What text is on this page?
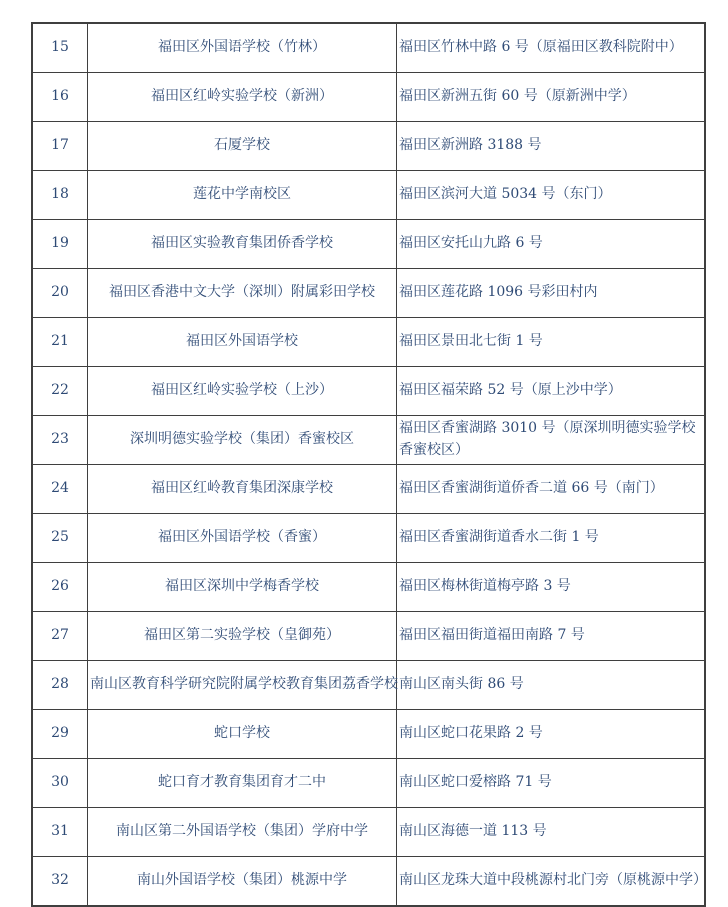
15	福田区外国语学校（竹林）	福田区竹林中路 6 号（原福田区教科院附中）
16	福田区红岭实验学校（新洲）	福田区新洲五街 60 号（原新洲中学）
17	石厦学校	福田区新洲路 3188 号
18	莲花中学南校区	福田区滨河大道 5034 号（东门）
19	福田区实验教育集团侨香学校	福田区安托山九路 6 号
20	福田区香港中文大学（深圳）附属彩田学校	福田区莲花路 1096 号彩田村内
21	福田区外国语学校	福田区景田北七街 1 号
22	福田区红岭实验学校（上沙）	福田区福荣路 52 号（原上沙中学）
23	深圳明德实验学校（集团）香蜜校区	福田区香蜜湖路 3010 号（原深圳明德实验学校香蜜校区）
24	福田区红岭教育集团深康学校	福田区香蜜湖街道侨香二道 66 号（南门）
25	福田区外国语学校（香蜜）	福田区香蜜湖街道香水二街 1 号
26	福田区深圳中学梅香学校	福田区梅林街道梅亭路 3 号
27	福田区第二实验学校（皇御苑）	福田区福田街道福田南路 7 号
28	南山区教育科学研究院附属学校教育集团荔香学校	南山区南头街 86 号
29	蛇口学校	南山区蛇口花果路 2 号
30	蛇口育才教育集团育才二中	南山区蛇口爱榕路 71 号
31	南山区第二外国语学校（集团）学府中学	南山区海德一道 113 号
32	南山外国语学校（集团）桃源中学	南山区龙珠大道中段桃源村北门旁（原桃源中学）
